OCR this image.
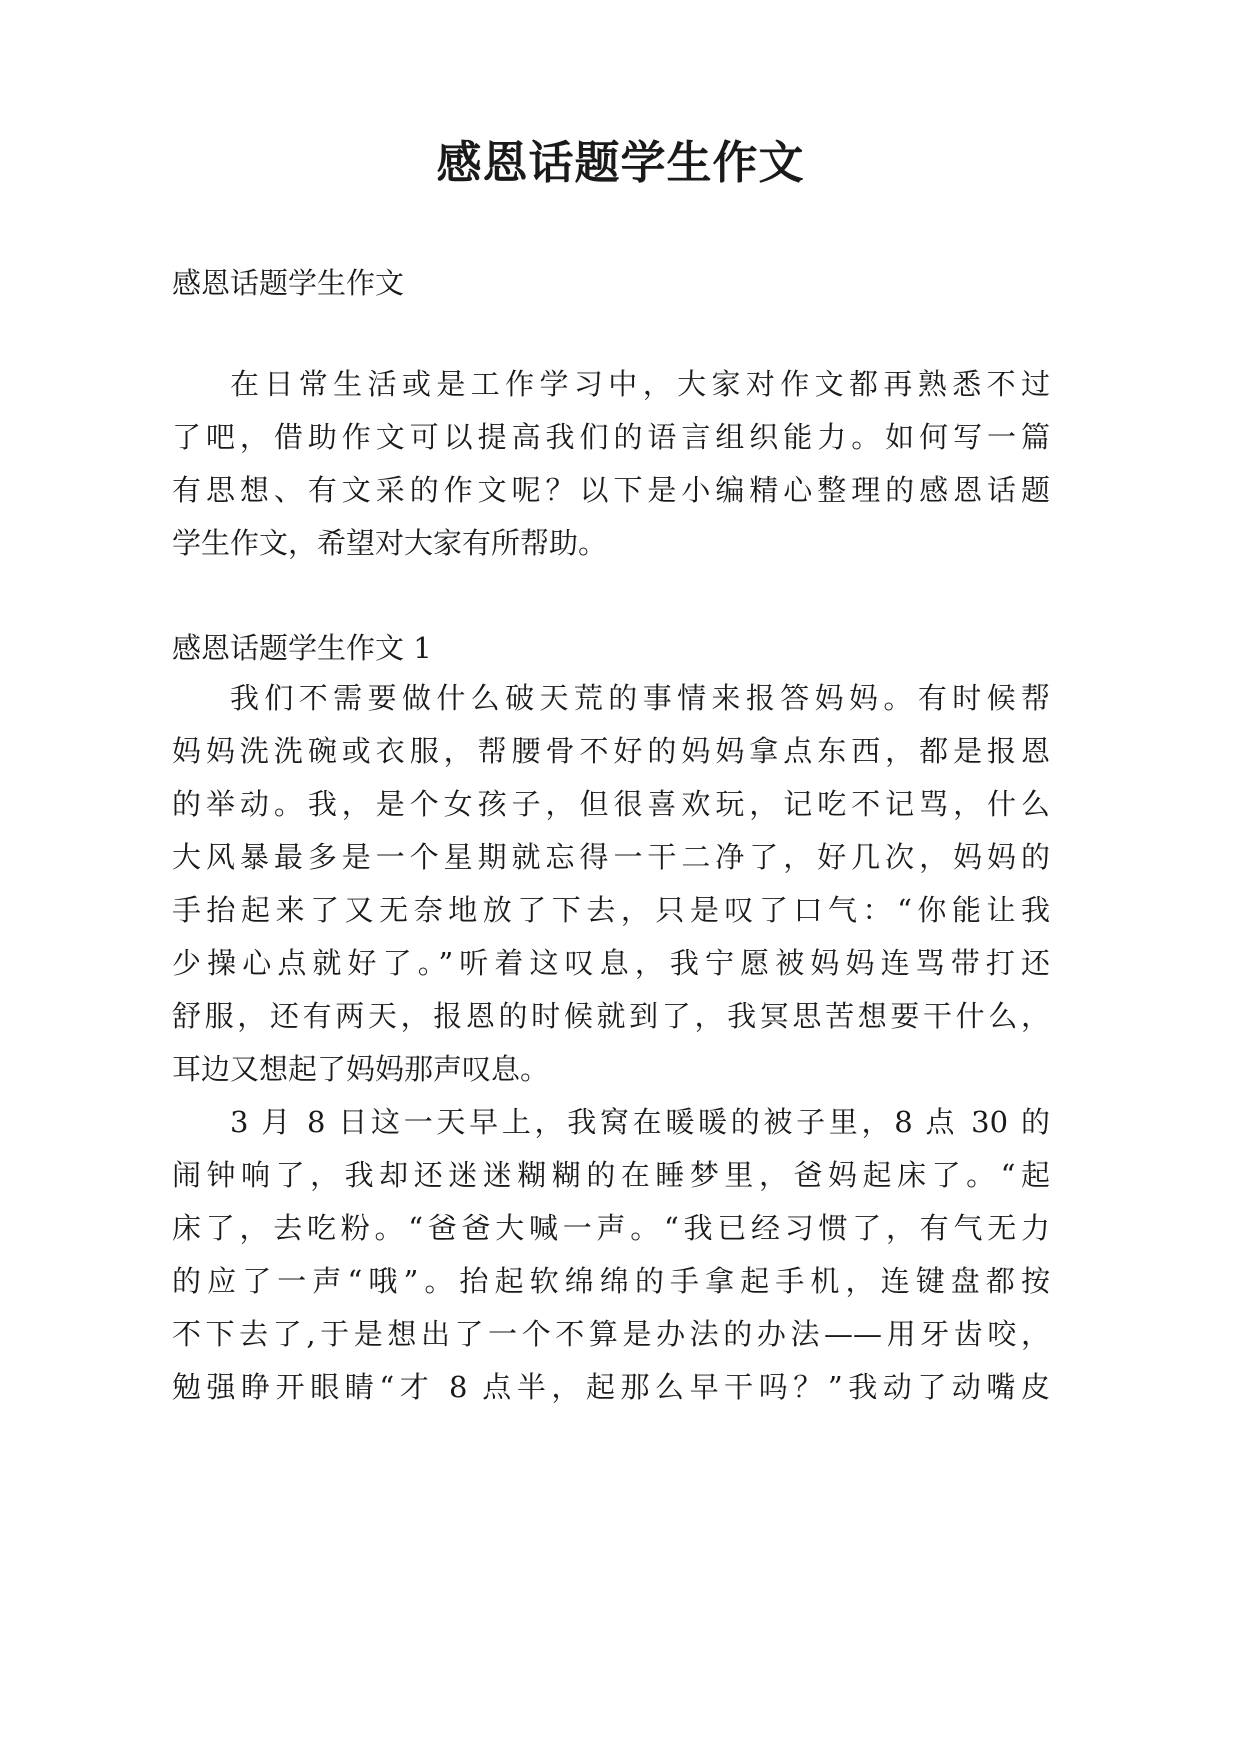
感恩话题学生作文
感恩话题学生作文
在日常生活或是工作学习中，大家对作文都再熟悉不过
了吧，借助作文可以提高我们的语言组织能力。如何写一篇
有思想、有文采的作文呢？以下是小编精心整理的感恩话题
学生作文，希望对大家有所帮助。
感恩话题学生作文 1
我们不需要做什么破天荒的事情来报答妈妈。有时候帮
妈妈洗洗碗或衣服，帮腰骨不好的妈妈拿点东西，都是报恩
的举动。我，是个女孩子，但很喜欢玩，记吃不记骂，什么
大风暴最多是一个星期就忘得一干二净了，好几次，妈妈的
手抬起来了又无奈地放了下去，只是叹了口气：“你能让我
少操心点就好了。”听着这叹息，我宁愿被妈妈连骂带打还
舒服，还有两天，报恩的时候就到了，我冥思苦想要干什么，
耳边又想起了妈妈那声叹息。
3 月 8 日这一天早上，我窝在暖暖的被子里，8 点 30 的
闹钟响了，我却还迷迷糊糊的在睡梦里，爸妈起床了。“起
床了，去吃粉。“爸爸大喊一声。“我已经习惯了，有气无力
的应了一声“哦”。抬起软绵绵的手拿起手机，连键盘都按
不下去了,于是想出了一个不算是办法的办法——用牙齿咬，
勉强睁开眼睛“才 8 点半，起那么早干吗？”我动了动嘴皮
